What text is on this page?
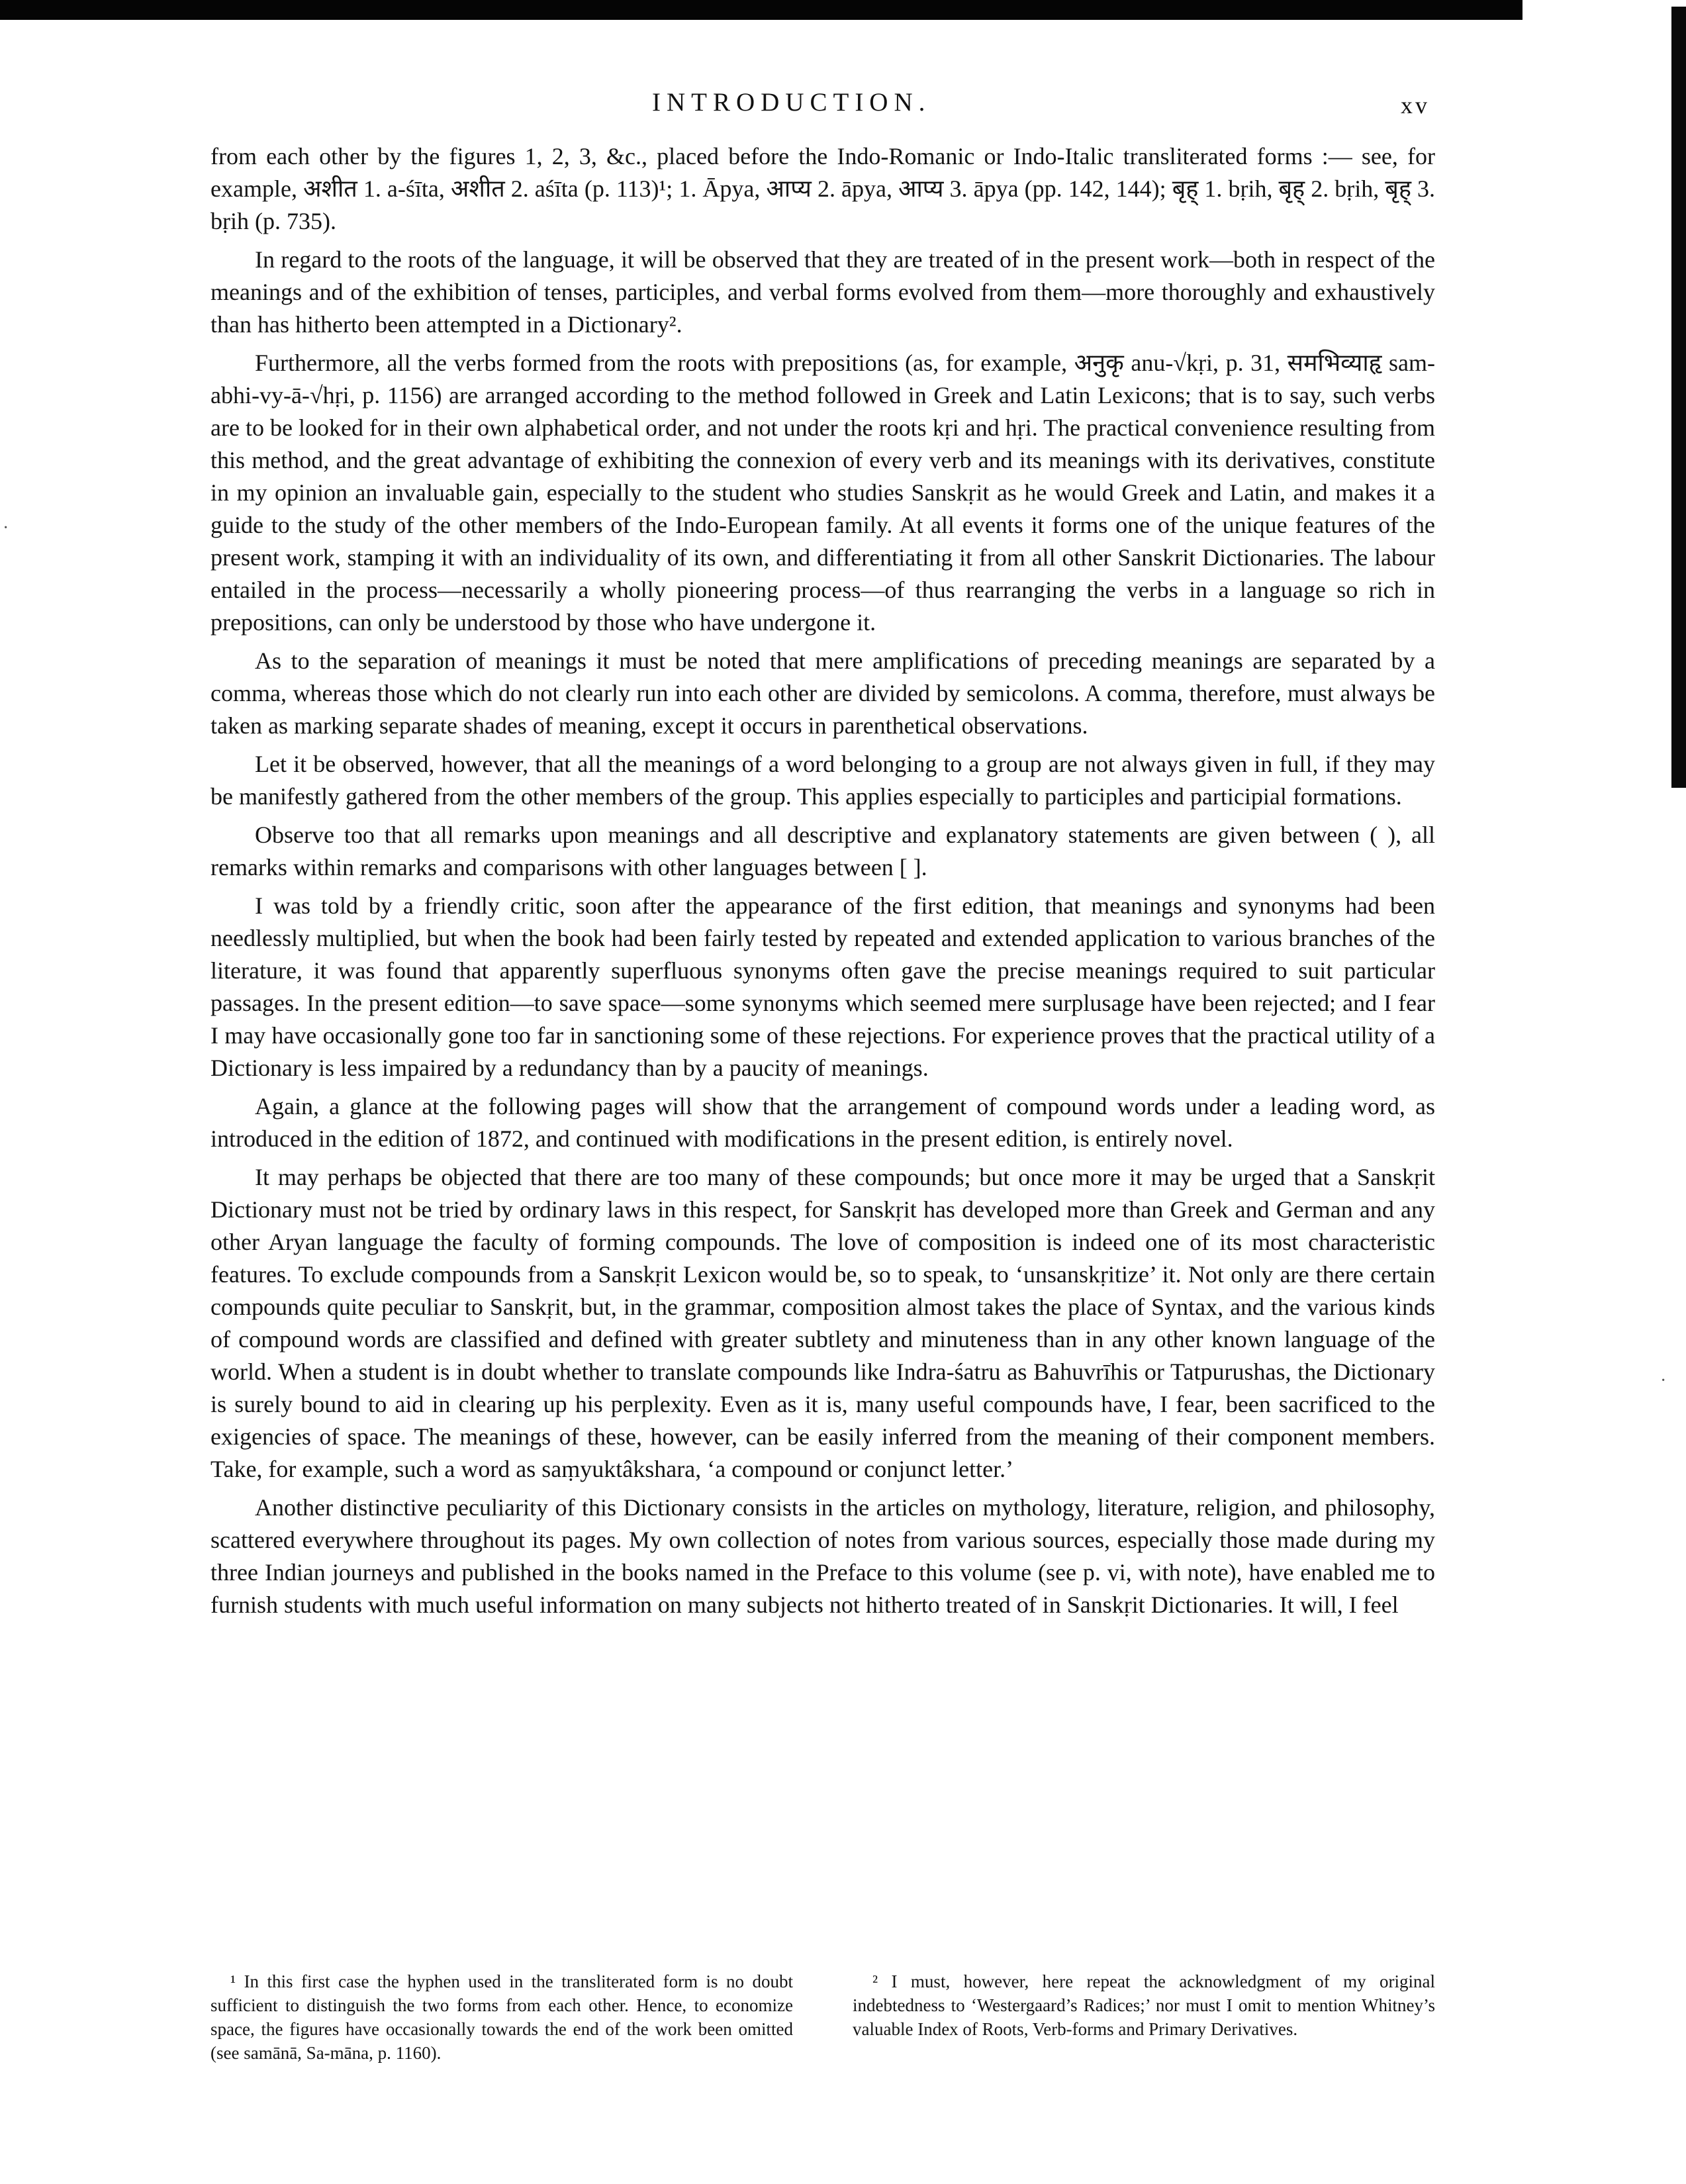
·
·
INTRODUCTION.	xv

from each other by the figures 1, 2, 3, &c., placed before the Indo-Romanic or Indo-Italic transliterated forms :— see, for example, अशीत 1. a-śīta, अशीत 2. aśīta (p. 113)¹; 1. Āpya, आप्य 2. āpya, आप्य 3. āpya (pp. 142, 144); बृह् 1. bṛih, बृह् 2. bṛih, बृह् 3. bṛih (p. 735).

In regard to the roots of the language, it will be observed that they are treated of in the present work—both in respect of the meanings and of the exhibition of tenses, participles, and verbal forms evolved from them—more thoroughly and exhaustively than has hitherto been attempted in a Dictionary².

Furthermore, all the verbs formed from the roots with prepositions (as, for example, अनुकृ anu-√kṛi, p. 31, समभिव्याहृ sam-abhi-vy-ā-√hṛi, p. 1156) are arranged according to the method followed in Greek and Latin Lexicons; that is to say, such verbs are to be looked for in their own alphabetical order, and not under the roots kṛi and hṛi. The practical convenience resulting from this method, and the great advantage of exhibiting the connexion of every verb and its meanings with its derivatives, constitute in my opinion an invaluable gain, especially to the student who studies Sanskṛit as he would Greek and Latin, and makes it a guide to the study of the other members of the Indo-European family. At all events it forms one of the unique features of the present work, stamping it with an individuality of its own, and differentiating it from all other Sanskrit Dictionaries. The labour entailed in the process—necessarily a wholly pioneering process—of thus rearranging the verbs in a language so rich in prepositions, can only be understood by those who have undergone it.

As to the separation of meanings it must be noted that mere amplifications of preceding meanings are separated by a comma, whereas those which do not clearly run into each other are divided by semicolons. A comma, therefore, must always be taken as marking separate shades of meaning, except it occurs in parenthetical observations.

Let it be observed, however, that all the meanings of a word belonging to a group are not always given in full, if they may be manifestly gathered from the other members of the group. This applies especially to participles and participial formations.

Observe too that all remarks upon meanings and all descriptive and explanatory statements are given between ( ), all remarks within remarks and comparisons with other languages between [ ].

I was told by a friendly critic, soon after the appearance of the first edition, that meanings and synonyms had been needlessly multiplied, but when the book had been fairly tested by repeated and extended application to various branches of the literature, it was found that apparently superfluous synonyms often gave the precise meanings required to suit particular passages. In the present edition—to save space—some synonyms which seemed mere surplusage have been rejected; and I fear I may have occasionally gone too far in sanctioning some of these rejections. For experience proves that the practical utility of a Dictionary is less impaired by a redundancy than by a paucity of meanings.

Again, a glance at the following pages will show that the arrangement of compound words under a leading word, as introduced in the edition of 1872, and continued with modifications in the present edition, is entirely novel.

It may perhaps be objected that there are too many of these compounds; but once more it may be urged that a Sanskṛit Dictionary must not be tried by ordinary laws in this respect, for Sanskṛit has developed more than Greek and German and any other Aryan language the faculty of forming compounds. The love of composition is indeed one of its most characteristic features. To exclude compounds from a Sanskṛit Lexicon would be, so to speak, to ‘unsanskṛitize’ it. Not only are there certain compounds quite peculiar to Sanskṛit, but, in the grammar, composition almost takes the place of Syntax, and the various kinds of compound words are classified and defined with greater subtlety and minuteness than in any other known language of the world. When a student is in doubt whether to translate compounds like Indra-śatru as Bahuvrīhis or Tatpurushas, the Dictionary is surely bound to aid in clearing up his perplexity. Even as it is, many useful compounds have, I fear, been sacrificed to the exigencies of space. The meanings of these, however, can be easily inferred from the meaning of their component members. Take, for example, such a word as saṃyuktâkshara, ‘a compound or conjunct letter.’

Another distinctive peculiarity of this Dictionary consists in the articles on mythology, literature, religion, and philosophy, scattered everywhere throughout its pages. My own collection of notes from various sources, especially those made during my three Indian journeys and published in the books named in the Preface to this volume (see p. vi, with note), have enabled me to furnish students with much useful information on many subjects not hitherto treated of in Sanskṛit Dictionaries. It will, I feel

¹ In this first case the hyphen used in the transliterated form is no doubt sufficient to distinguish the two forms from each other. Hence, to economize space, the figures have occasionally towards the end of the work been omitted (see samānā, Sa-māna, p. 1160).
² I must, however, here repeat the acknowledgment of my original indebtedness to ‘Westergaard’s Radices;’ nor must I omit to mention Whitney’s valuable Index of Roots, Verb-forms and Primary Derivatives.
